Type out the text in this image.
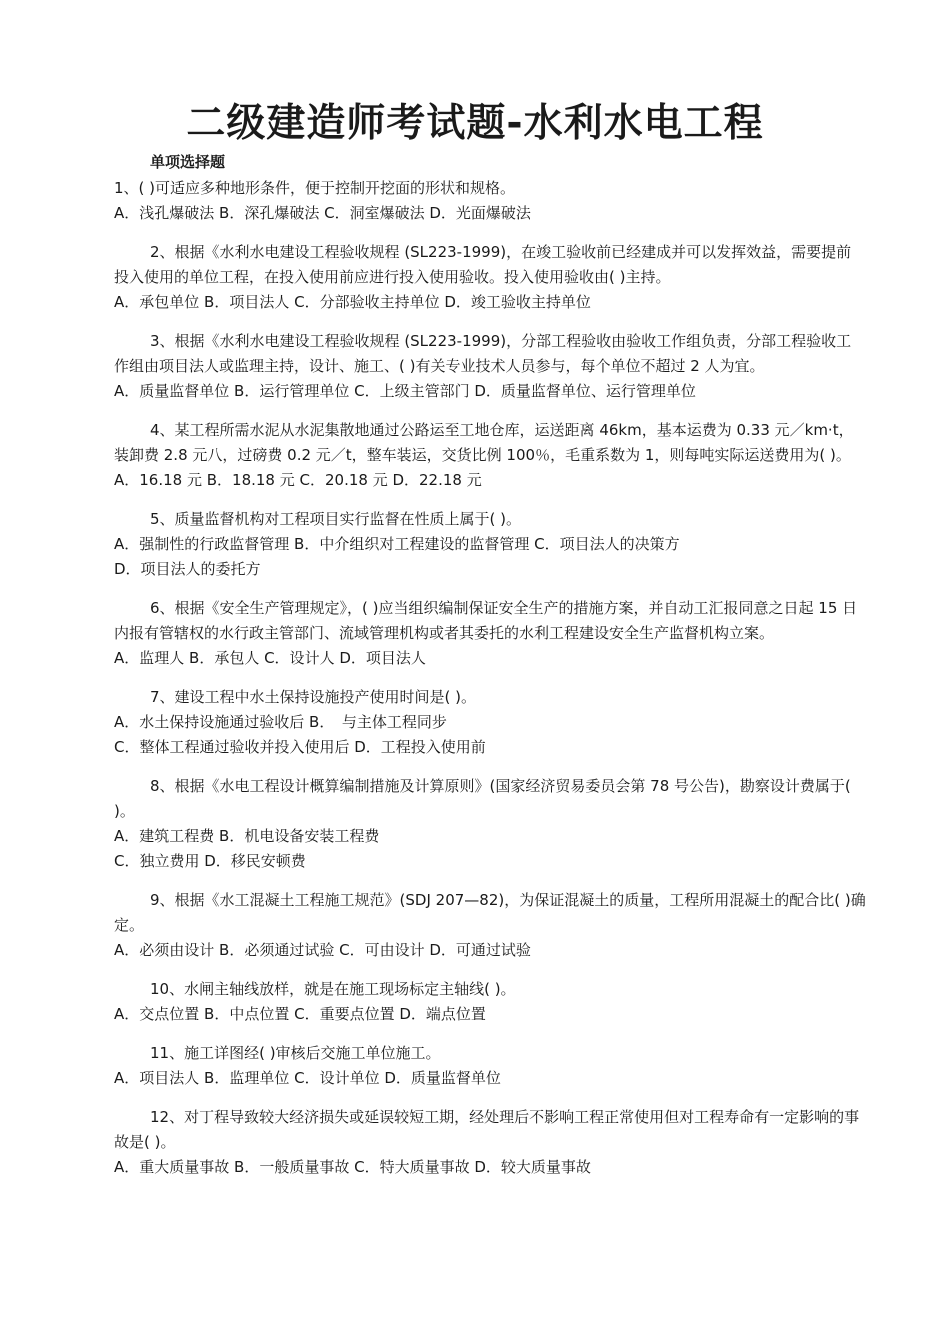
二级建造师考试题-水利水电工程
单项选择题

1、( )可适应多种地形条件，便于控制开挖面的形状和规格。

A．浅孔爆破法 B．深孔爆破法 C．洞室爆破法 D．光面爆破法

2、根据《水利水电建设工程验收规程 (SL223-1999)，在竣工验收前已经建成并可以发挥效益，需要提前投入使用的单位工程，在投入使用前应进行投入使用验收。投入使用验收由( )主持。

A．承包单位 B．项目法人 C．分部验收主持单位 D．竣工验收主持单位

3、根据《水利水电建设工程验收规程 (SL223-1999)，分部工程验收由验收工作组负责，分部工程验收工作组由项目法人或监理主持，设计、施工、( )有关专业技术人员参与，每个单位不超过 2 人为宜。

A．质量监督单位 B．运行管理单位 C．上级主管部门 D．质量监督单位、运行管理单位

4、某工程所需水泥从水泥集散地通过公路运至工地仓库，运送距离 46km，基本运费为 0.33 元／km·t，装卸费 2.8 元八，过磅费 0.2 元／t，整车装运，交货比例 100％，毛重系数为 1，则每吨实际运送费用为( )。

A．16.18 元 B．18.18 元 C．20.18 元 D．22.18 元

5、质量监督机构对工程项目实行监督在性质上属于( )。

A．强制性的行政监督管理 B．中介组织对工程建设的监督管理 C．项目法人的决策方

D．项目法人的委托方

6、根据《安全生产管理规定》，( )应当组织编制保证安全生产的措施方案，并自动工汇报同意之日起 15 日内报有管辖权的水行政主管部门、流域管理机构或者其委托的水利工程建设安全生产监督机构立案。

A．监理人 B．承包人 C．设计人 D．项目法人

7、建设工程中水土保持设施投产使用时间是( )。

A．水土保持设施通过验收后 B．　与主体工程同步

C．整体工程通过验收并投入使用后 D．工程投入使用前

8、根据《水电工程设计概算编制措施及计算原则》(国家经济贸易委员会第 78 号公告)，勘察设计费属于( )。

A．建筑工程费 B．机电设备安装工程费

C．独立费用 D．移民安顿费

9、根据《水工混凝土工程施工规范》(SDJ 207—82)，为保证混凝土的质量，工程所用混凝土的配合比( )确定。

A．必须由设计 B．必须通过试验 C．可由设计 D．可通过试验

10、水闸主轴线放样，就是在施工现场标定主轴线( )。

A．交点位置 B．中点位置 C．重要点位置 D．端点位置

11、施工详图经( )审核后交施工单位施工。

A．项目法人 B．监理单位 C．设计单位 D．质量监督单位

12、对丁程导致较大经济损失或延误较短工期，经处理后不影响工程正常使用但对工程寿命有一定影响的事故是( )。

A．重大质量事故 B．一般质量事故 C．特大质量事故 D．较大质量事故
